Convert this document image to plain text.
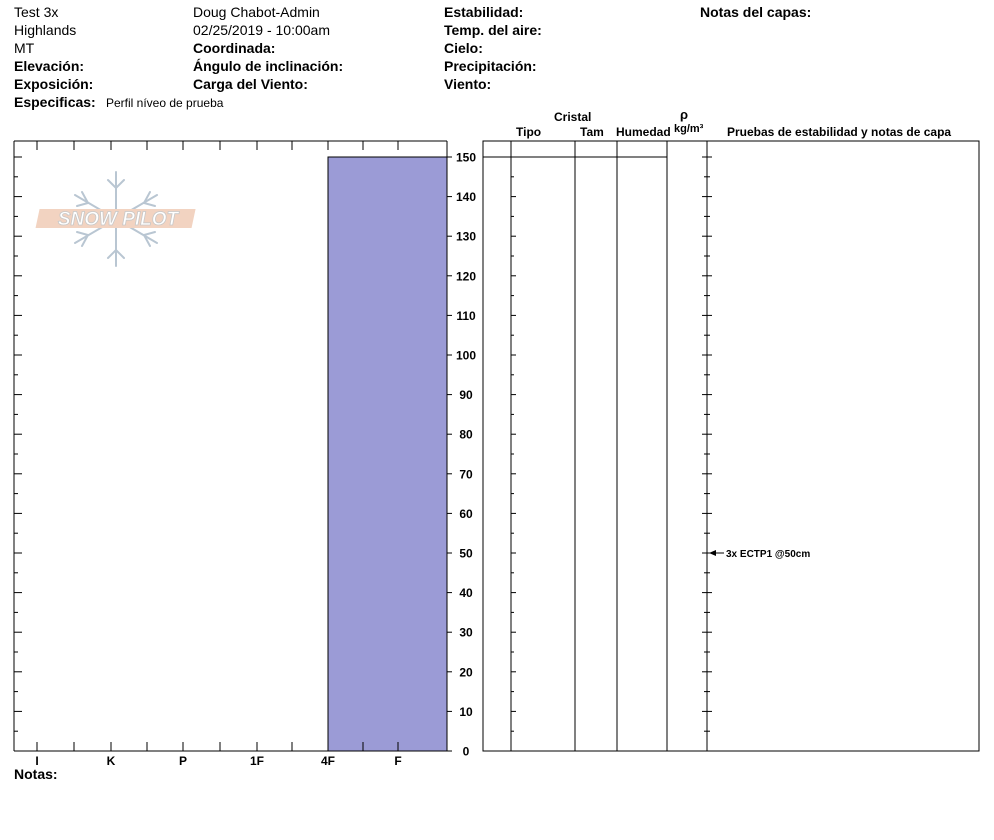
Test 3x
Highlands
MT
Elevación:
Exposición:
Especificas: Perfil níveo de prueba
Doug Chabot-Admin
02/25/2019 - 10:00am
Coordinada:
Ángulo de inclinación:
Carga del Viento:
Estabilidad:
Temp. del aire:
Cielo:
Precipitación:
Viento:
Notas del capas:
Cristal
Tipo	Tam Humedad
ρ
kg/m³ Pruebas de estabilidad y notas de capa
Notas:
SNOW PILOT
I	K	P	1F	4F	F
0
10
20
30
40
50
60
70
80
90
100
110
120
130
140
150
3x ECTP1 @50cm
